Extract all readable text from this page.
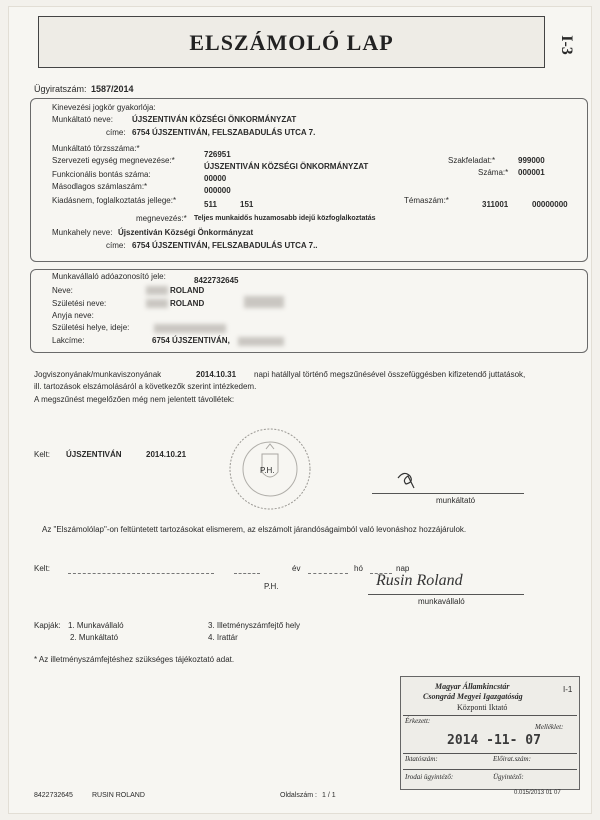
ELSZÁMOLÓ LAP	I-3
Ügyiratszám: 1587/2014
Kinevezési jogkör gyakorlója:
Munkáltató neve: ÚJSZENTIVÁN KÖZSÉGI ÖNKORMÁNYZAT
címe: 6754 ÚJSZENTIVÁN, FELSZABADULÁS UTCA 7.
Munkáltató törzsszáma:*
726951
Szervezeti egység megnevezése:*
ÚJSZENTIVÁN KÖZSÉGI ÖNKORMÁNYZAT
Funkcionális bontás száma:	00000
Másodlagos számlaszám:*	000000
Kiadásnem, foglalkoztatás jellege:*	511	151
megnevezés:* Teljes munkaidős huzamosabb idejű közfoglalkoztatás
Szakfeladat:*	999000
Száma:* 000001
Témaszám:*	311001	00000000
Munkahely neve: Újszentiván Községi Önkormányzat
címe: 6754 ÚJSZENTIVÁN, FELSZABADULÁS UTCA 7..
Munkavállaló adóazonosító jele:	8422732645
Neve:	ROLAND
Születési neve:	ROLAND
Anyja neve:
Születési helye, ideje:
Lakcíme:	6754 ÚJSZENTIVÁN,
Jogviszonyának/munkaviszonyának	2014.10.31 napi hatállyal történő megszűnésével összefüggésben kifizetendő juttatások,
ill. tartozások elszámolásáról a következők szerint intézkedem.
A megszűnést megelőzően még nem jelentett távollétek:
Kelt: ÚJSZENTIVÁN	2014.10.21
P.H.
munkáltató
Az "Elszámolólap"-on feltüntetett tartozásokat elismerem, az elszámolt járandóságaimból való levonáshoz hozzájárulok.
Kelt:	év	hó	nap
P.H.	Rusin Roland
munkavállaló
Kapják: 1. Munkavállaló
2. Munkáltató
3. Illetményszámfejtő hely
4. Irattár
* Az illetményszámfejtéshez szükséges tájékoztató adat.
Magyar Államkincstár
Csongrád Megyei Igazgatóság
Központi Iktató
I-1
Érkezett:
Melléklet:
2014 -11- 07
Iktatószám:	Előirat.szám:
Irodai ügyintéző:	Ügyintéző:
8422732645	RUSIN ROLAND	Oldalszám : 1 / 1	0.015/2013 01 07
